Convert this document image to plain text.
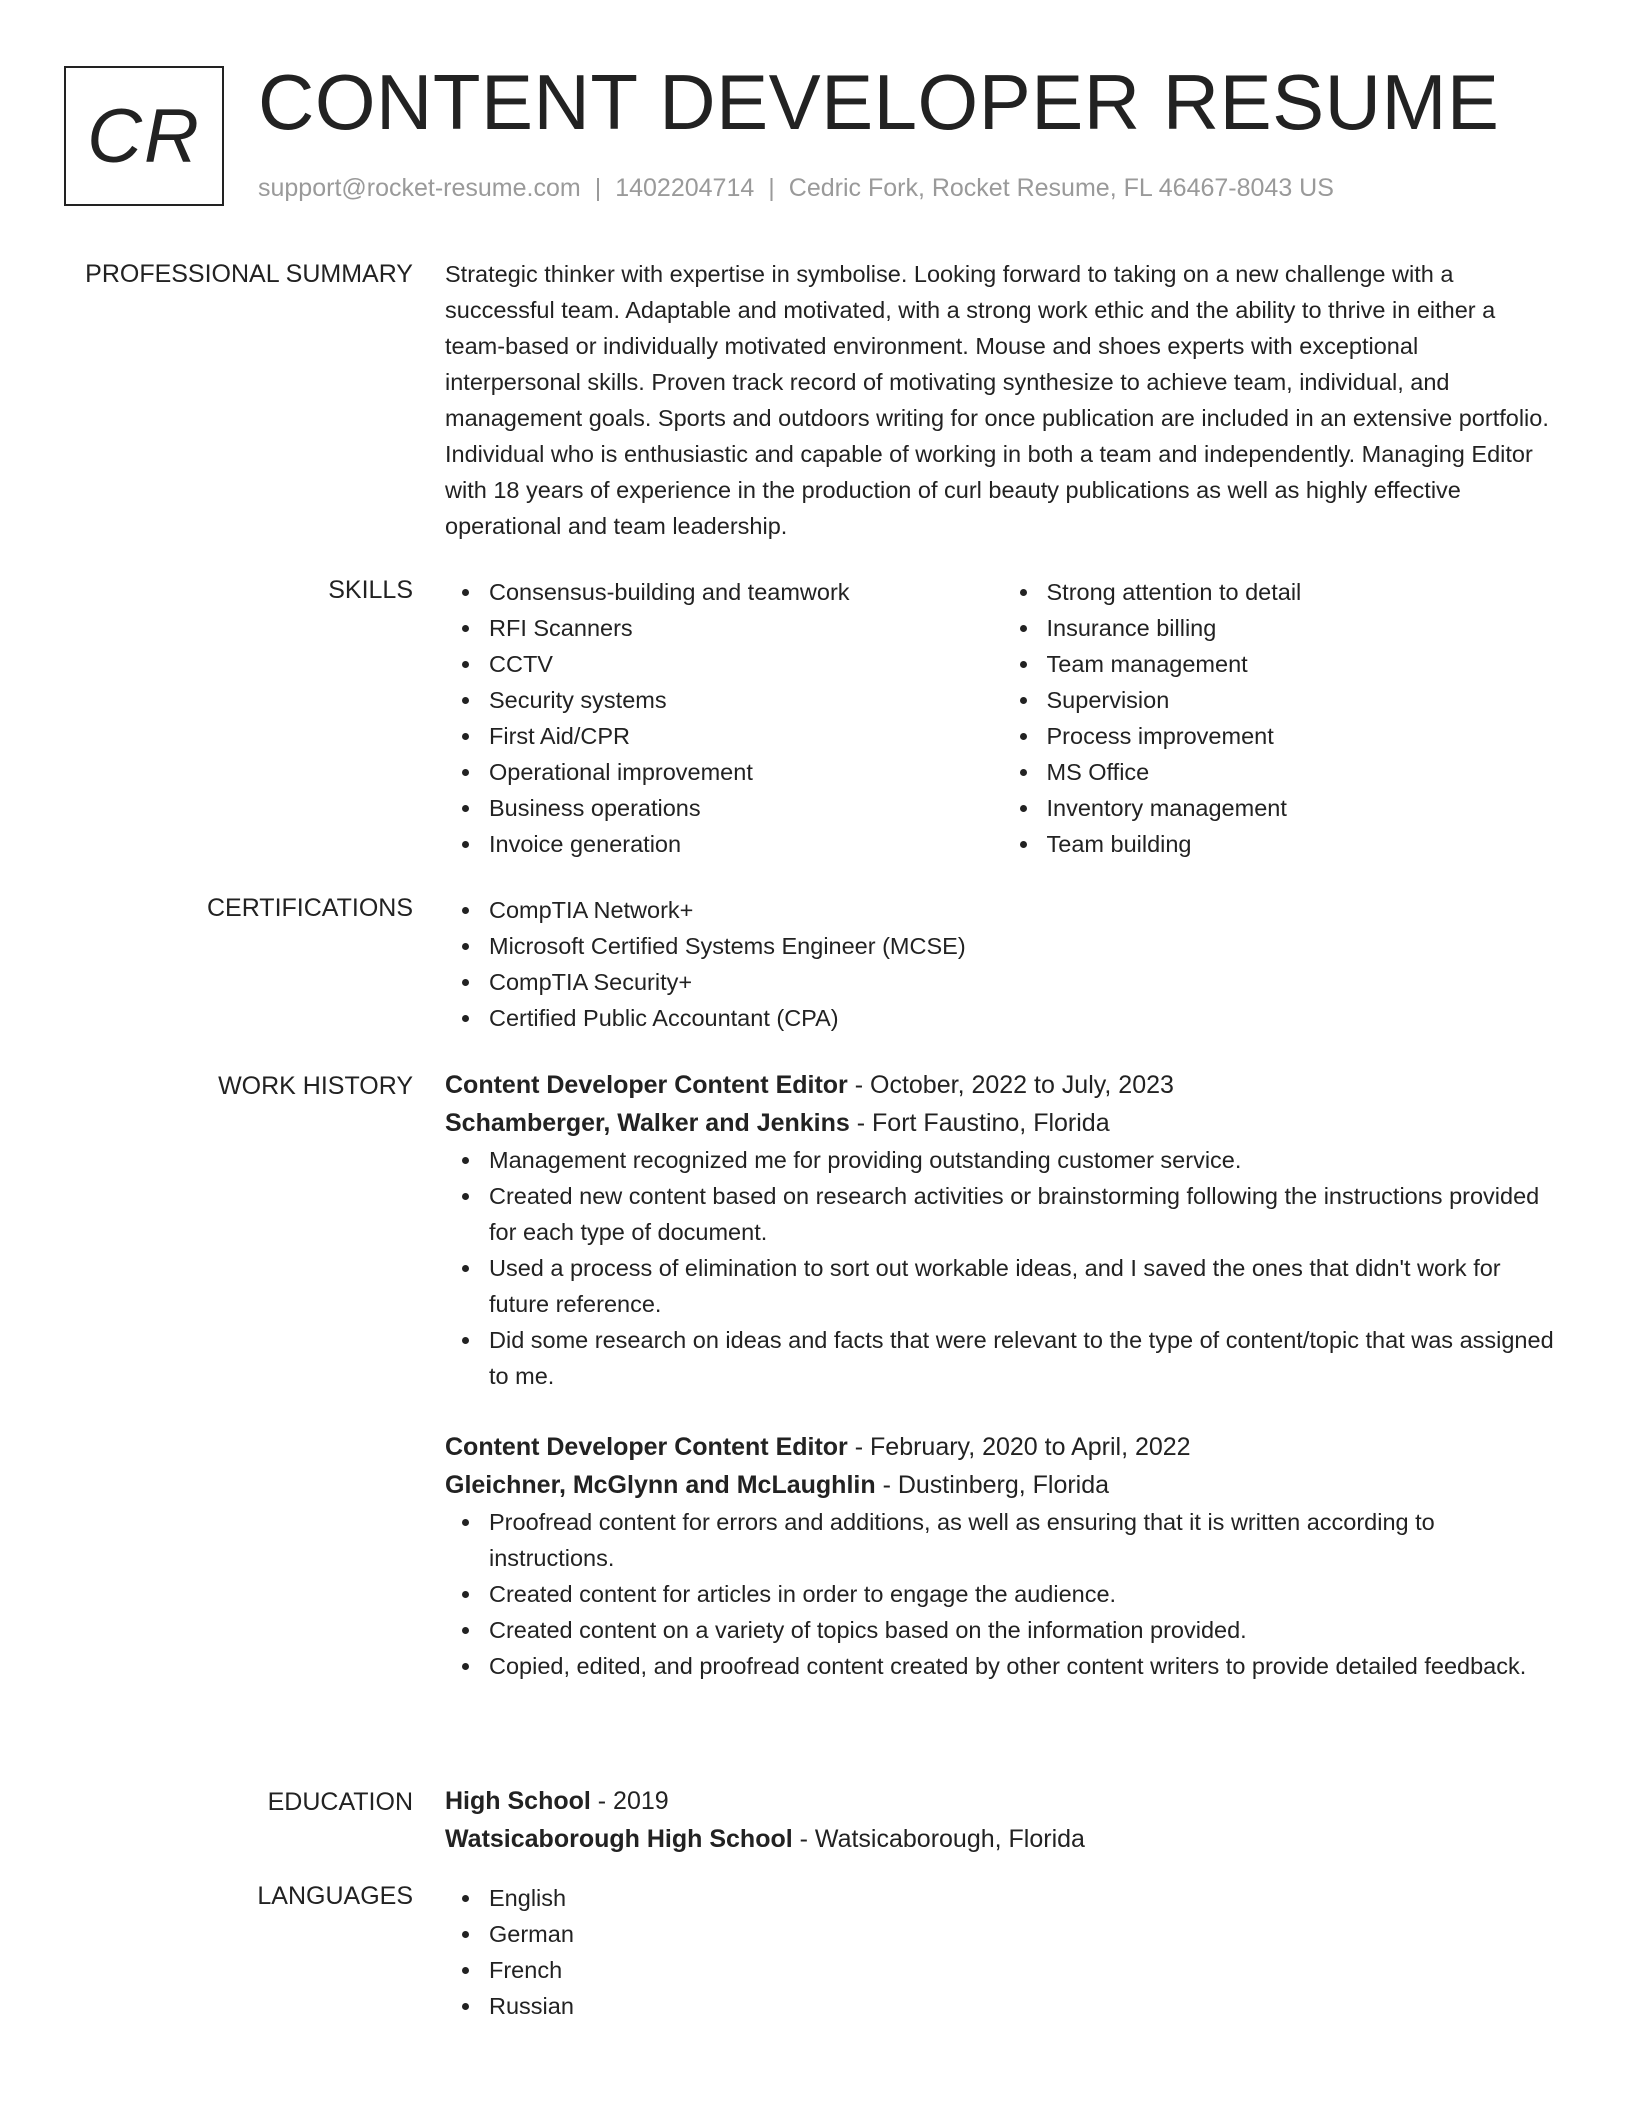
CR CONTENT DEVELOPER RESUME
support@rocket-resume.com | 1402204714 | Cedric Fork, Rocket Resume, FL 46467-8043 US
PROFESSIONAL SUMMARY Strategic thinker with expertise in symbolise. Looking forward to taking on a new challenge with a successful team. Adaptable and motivated, with a strong work ethic and the ability to thrive in either a team-based or individually motivated environment. Mouse and shoes experts with exceptional interpersonal skills. Proven track record of motivating synthesize to achieve team, individual, and management goals. Sports and outdoors writing for once publication are included in an extensive portfolio. Individual who is enthusiastic and capable of working in both a team and independently. Managing Editor with 18 years of experience in the production of curl beauty publications as well as highly effective operational and team leadership.
SKILLS	Consensus-building and teamwork
RFI Scanners
CCTV
Security systems
First Aid/CPR
Operational improvement
Business operations
Invoice generation
Strong attention to detail
Insurance billing
Team management
Supervision
Process improvement
MS Office
Inventory management
Team building
CERTIFICATIONS	CompTIA Network+
Microsoft Certified Systems Engineer (MCSE)
CompTIA Security+
Certified Public Accountant (CPA)
WORK HISTORY Content Developer Content Editor - October, 2022 to July, 2023
Schamberger, Walker and Jenkins - Fort Faustino, Florida
Management recognized me for providing outstanding customer service.
Created new content based on research activities or brainstorming following the instructions provided for each type of document.
Used a process of elimination to sort out workable ideas, and I saved the ones that didn't work for future reference.
Did some research on ideas and facts that were relevant to the type of content/topic that was assigned to me.
Content Developer Content Editor - February, 2020 to April, 2022
Gleichner, McGlynn and McLaughlin - Dustinberg, Florida
Proofread content for errors and additions, as well as ensuring that it is written according to instructions.
Created content for articles in order to engage the audience.
Created content on a variety of topics based on the information provided.
Copied, edited, and proofread content created by other content writers to provide detailed feedback.
EDUCATION High School - 2019
Watsicaborough High School - Watsicaborough, Florida
LANGUAGES	English
German
French
Russian
